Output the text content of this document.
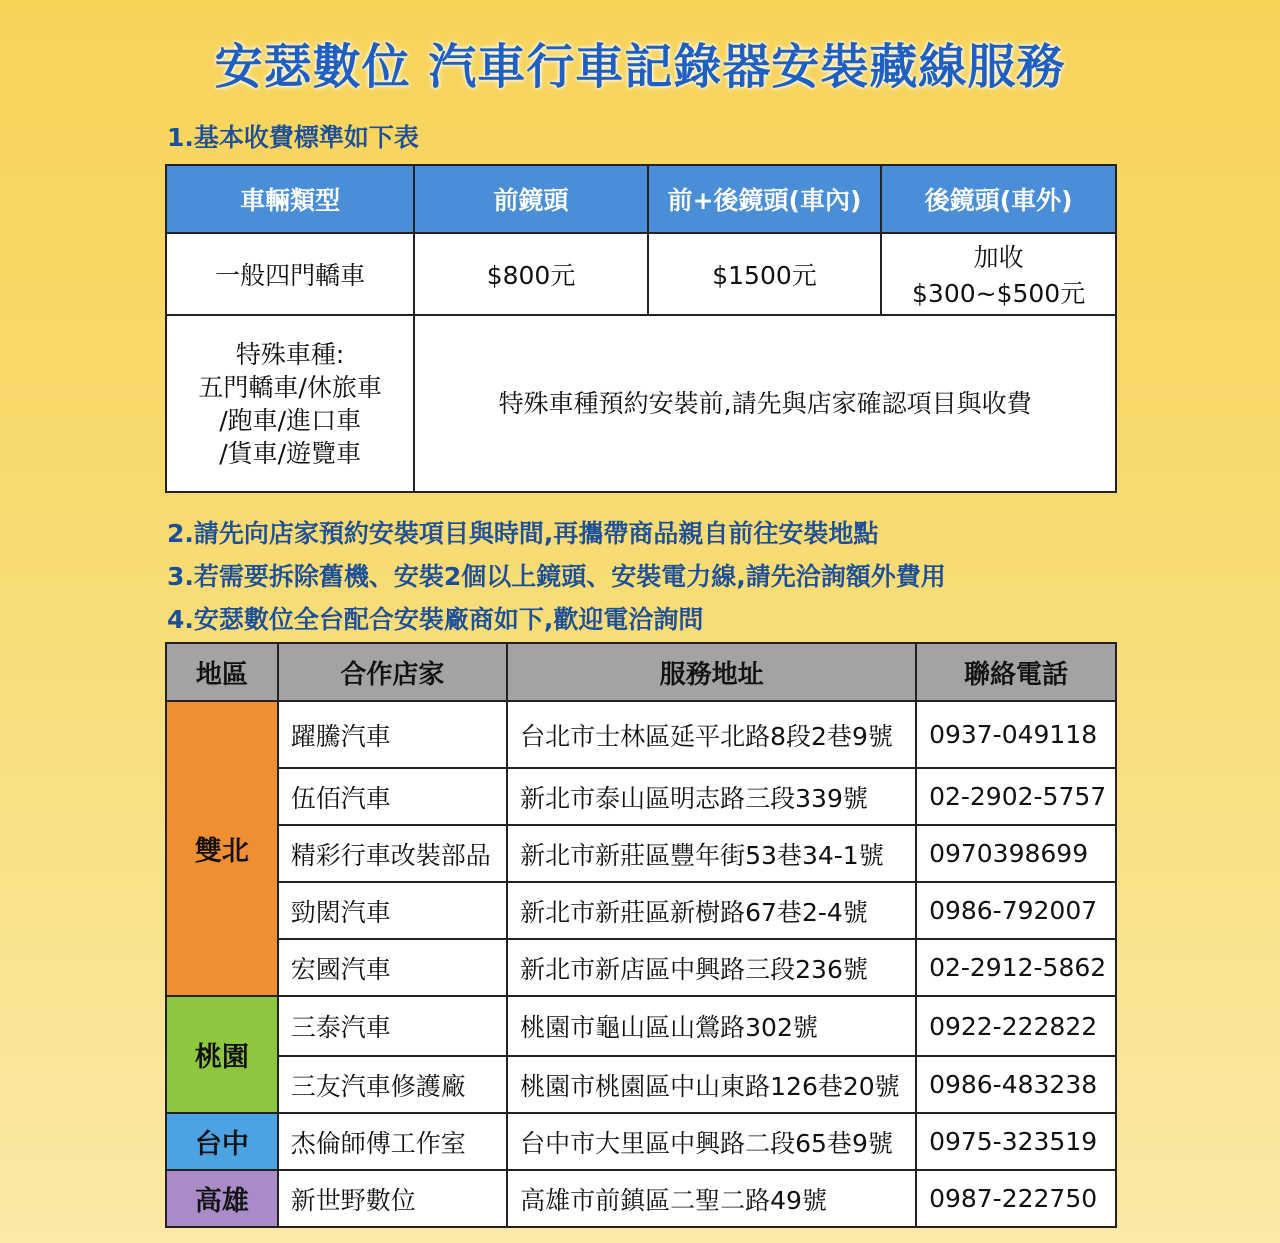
安瑟數位 汽車行車記錄器安裝藏線服務

1.基本收費標準如下表

車輛類型	前鏡頭	前+後鏡頭(車內)	後鏡頭(車外)
一般四門轎車	$800元	$1500元	加收
$300~$500元

特殊車種:
五門轎車/休旅車
/跑車/進口車
/貨車/遊覽車	特殊車種預約安裝前,請先與店家確認項目與收費		

2.請先向店家預約安裝項目與時間,再攜帶商品親自前往安裝地點

3.若需要拆除舊機、安裝2個以上鏡頭、安裝電力線,請先洽詢額外費用

4.安瑟數位全台配合安裝廠商如下,歡迎電洽詢問

地區	合作店家	服務地址	聯絡電話
雙北	躍騰汽車	台北市士林區延平北路8段2巷9號	0937-049118
	伍佰汽車	新北市泰山區明志路三段339號	02-2902-5757
	精彩行車改裝部品	新北市新莊區豐年街53巷34-1號	0970398699
	勁閎汽車	新北市新莊區新樹路67巷2-4號	0986-792007
	宏國汽車	新北市新店區中興路三段236號	02-2912-5862
桃園	三泰汽車	桃園市龜山區山鶯路302號	0922-222822
	三友汽車修護廠	桃園市桃園區中山東路126巷20號	0986-483238
台中	杰倫師傅工作室	台中市大里區中興路二段65巷9號	0975-323519
高雄	新世野數位	高雄市前鎮區二聖二路49號	0987-222750
